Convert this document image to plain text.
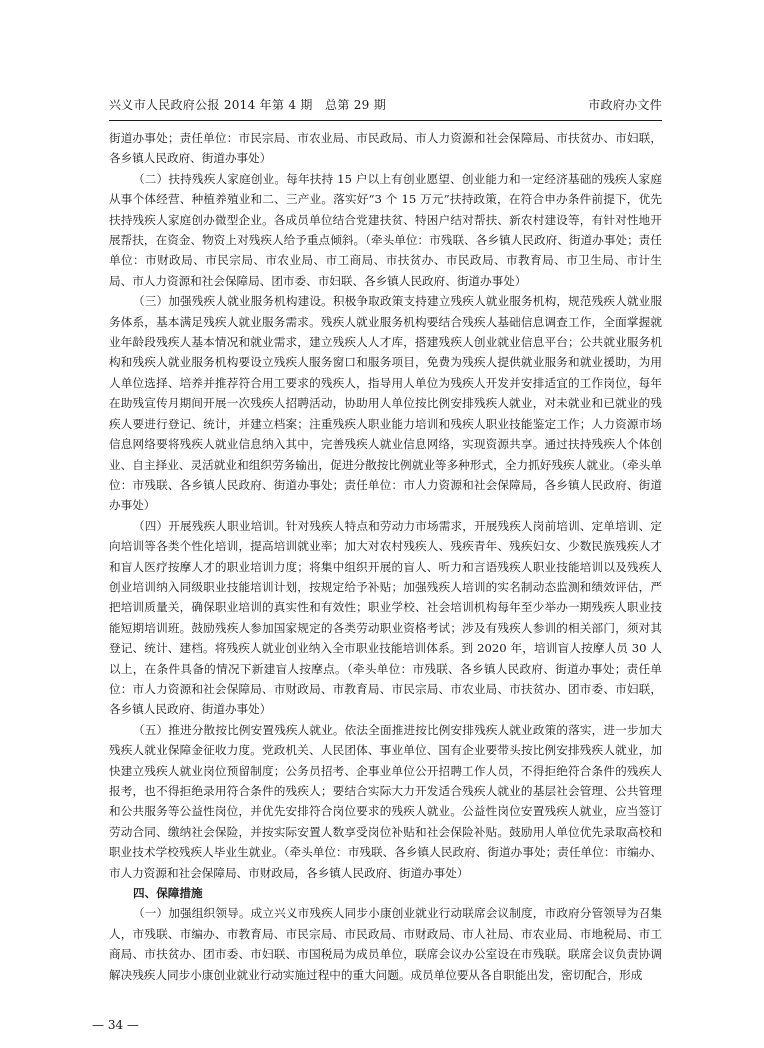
兴义市人民政府公报 2014 年第 4 期　总第 29 期	市政府办文件

街道办事处；责任单位：市民宗局、市农业局、市民政局、市人力资源和社会保障局、市扶贫办、市妇联，各乡镇人民政府、街道办事处）

（二）扶持残疾人家庭创业。每年扶持 15 户以上有创业愿望、创业能力和一定经济基础的残疾人家庭从事个体经营、种植养殖业和二、三产业。落实好“3 个 15 万元”扶持政策，在符合申办条件前提下，优先扶持残疾人家庭创办微型企业。各成员单位结合党建扶贫、特困户结对帮扶、新农村建设等，有针对性地开展帮扶，在资金、物资上对残疾人给予重点倾斜。（牵头单位：市残联、各乡镇人民政府、街道办事处；责任单位：市财政局、市民宗局、市农业局、市工商局、市扶贫办、市民政局、市教育局、市卫生局、市计生局、市人力资源和社会保障局、团市委、市妇联、各乡镇人民政府、街道办事处）

（三）加强残疾人就业服务机构建设。积极争取政策支持建立残疾人就业服务机构，规范残疾人就业服务体系，基本满足残疾人就业服务需求。残疾人就业服务机构要结合残疾人基础信息调查工作，全面掌握就业年龄段残疾人基本情况和就业需求，建立残疾人人才库，搭建残疾人创业就业信息平台；公共就业服务机构和残疾人就业服务机构要设立残疾人服务窗口和服务项目，免费为残疾人提供就业服务和就业援助，为用人单位选择、培养并推荐符合用工要求的残疾人，指导用人单位为残疾人开发并安排适宜的工作岗位，每年在助残宣传月期间开展一次残疾人招聘活动，协助用人单位按比例安排残疾人就业，对未就业和已就业的残疾人要进行登记、统计，并建立档案；注重残疾人职业能力培训和残疾人职业技能鉴定工作；人力资源市场信息网络要将残疾人就业信息纳入其中，完善残疾人就业信息网络，实现资源共享。通过扶持残疾人个体创业、自主择业、灵活就业和组织劳务输出，促进分散按比例就业等多种形式，全力抓好残疾人就业。（牵头单位：市残联、各乡镇人民政府、街道办事处；责任单位：市人力资源和社会保障局，各乡镇人民政府、街道办事处）

（四）开展残疾人职业培训。针对残疾人特点和劳动力市场需求，开展残疾人岗前培训、定单培训、定向培训等各类个性化培训，提高培训就业率；加大对农村残疾人、残疾青年、残疾妇女、少数民族残疾人才和盲人医疗按摩人才的职业培训力度；将集中组织开展的盲人、听力和言语残疾人职业技能培训以及残疾人创业培训纳入同级职业技能培训计划，按规定给予补贴；加强残疾人培训的实名制动态监测和绩效评估，严把培训质量关，确保职业培训的真实性和有效性；职业学校、社会培训机构每年至少举办一期残疾人职业技能短期培训班。鼓励残疾人参加国家规定的各类劳动职业资格考试；涉及有残疾人参训的相关部门，须对其登记、统计、建档。将残疾人就业创业纳入全市职业技能培训体系。到 2020 年，培训盲人按摩人员 30 人以上，在条件具备的情况下新建盲人按摩点。（牵头单位：市残联、各乡镇人民政府、街道办事处；责任单位：市人力资源和社会保障局、市财政局、市教育局、市民宗局、市农业局、市扶贫办、团市委、市妇联，各乡镇人民政府、街道办事处）

（五）推进分散按比例安置残疾人就业。依法全面推进按比例安排残疾人就业政策的落实，进一步加大残疾人就业保障金征收力度。党政机关、人民团体、事业单位、国有企业要带头按比例安排残疾人就业，加快建立残疾人就业岗位预留制度；公务员招考、企事业单位公开招聘工作人员，不得拒绝符合条件的残疾人报考，也不得拒绝录用符合条件的残疾人；要结合实际大力开发适合残疾人就业的基层社会管理、公共管理和公共服务等公益性岗位，并优先安排符合岗位要求的残疾人就业。公益性岗位安置残疾人就业，应当签订劳动合同、缴纳社会保险，并按实际安置人数享受岗位补贴和社会保险补贴。鼓励用人单位优先录取高校和职业技术学校残疾人毕业生就业。（牵头单位：市残联、各乡镇人民政府、街道办事处；责任单位：市编办、市人力资源和社会保障局、市财政局，各乡镇人民政府、街道办事处）

四、保障措施

（一）加强组织领导。成立兴义市残疾人同步小康创业就业行动联席会议制度，市政府分管领导为召集人，市残联、市编办、市教育局、市民宗局、市民政局、市财政局、市人社局、市农业局、市地税局、市工商局、市扶贫办、团市委、市妇联、市国税局为成员单位，联席会议办公室设在市残联。联席会议负责协调解决残疾人同步小康创业就业行动实施过程中的重大问题。成员单位要从各自职能出发，密切配合，形成

— 34 —
